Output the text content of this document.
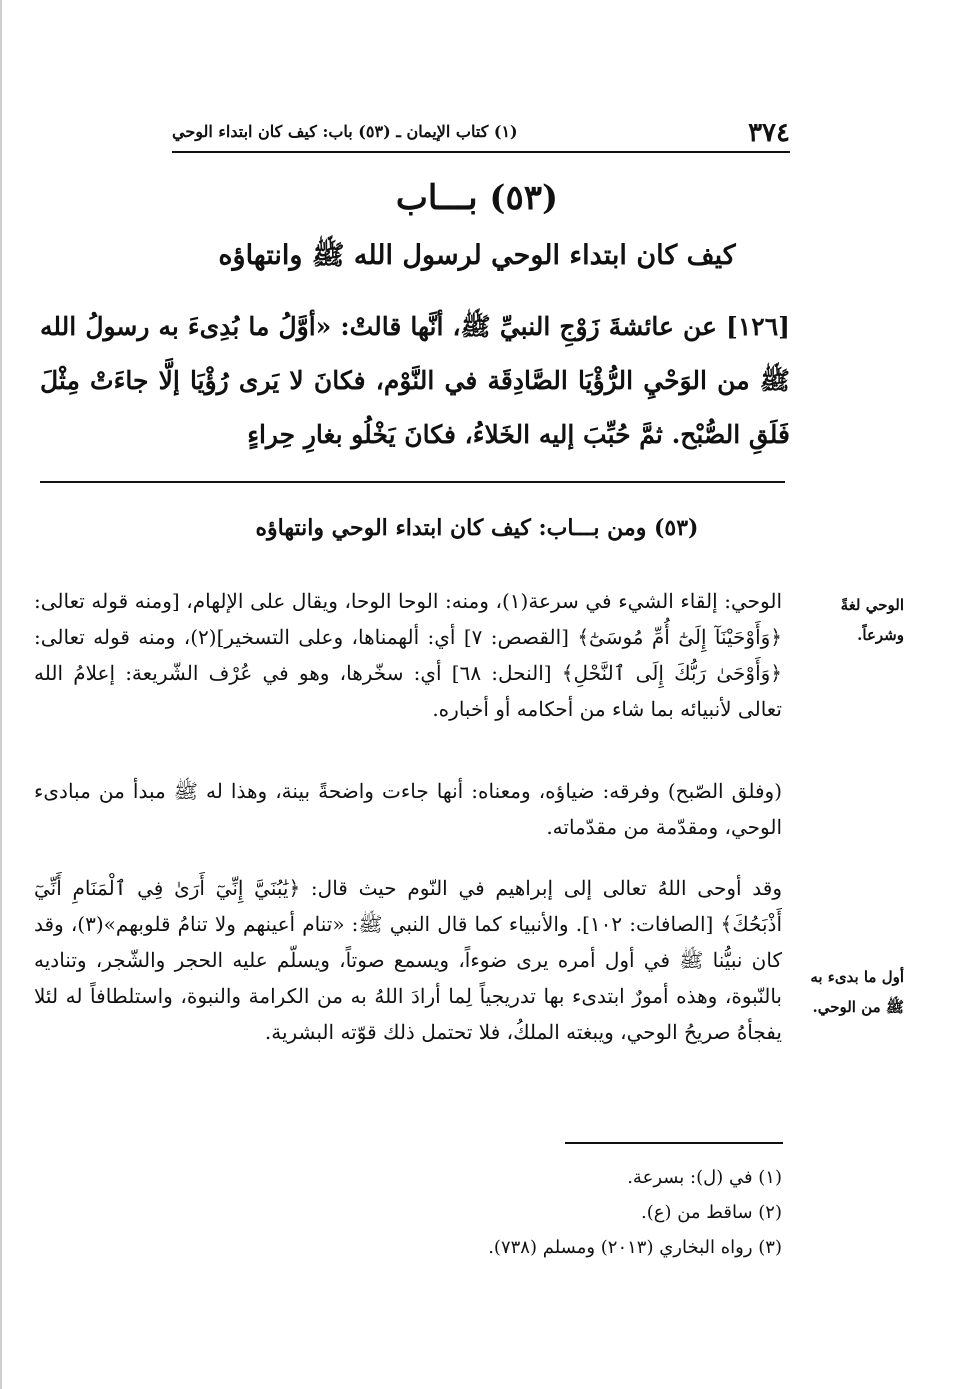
٣٧٤
(١) كتاب الإيمان ـ (٥٣) باب: كيف كان ابتداء الوحي
(٥٣) بـــاب
كيف كان ابتداء الوحي لرسول الله ﷺ وانتهاؤه
[١٢٦] عن عائشةَ زَوْجِ النبيِّ ﷺ، أنَّها قالتْ: «أوَّلُ ما بُدِىءَ به رسولُ الله ﷺ من الوَحْيِ الرُّؤْيَا الصَّادِقَة في النَّوْم، فكانَ لا يَرى رُؤْيَا إلَّا جاءَتْ مِثْلَ فَلَقِ الصُّبْح. ثمَّ حُبِّبَ إليه الخَلاءُ، فكانَ يَخْلُو بغارِ حِراءٍ
(٥٣) ومن بـــاب: كيف كان ابتداء الوحي وانتهاؤه
الوحي: إلقاء الشيء في سرعة(١)، ومنه: الوحا الوحا، ويقال على الإلهام، [ومنه قوله تعالى: ﴿وَأَوْحَيْنَآ إِلَىٰٓ أُمِّ مُوسَىٰٓ﴾ [القصص: ٧] أي: ألهمناها، وعلى التسخير](٢)، ومنه قوله تعالى: ﴿وَأَوْحَىٰ رَبُّكَ إِلَى ٱلنَّحْلِ﴾ [النحل: ٦٨] أي: سخّرها، وهو في عُرْف الشّريعة: إعلامُ الله تعالى لأنبيائه بما شاء من أحكامه أو أخباره.
(وفلق الصّبح) وفرقه: ضياؤه، ومعناه: أنها جاءت واضحةً بينة، وهذا له ﷺ مبدأ من مبادىء الوحي، ومقدّمة من مقدّماته.
وقد أوحى اللهُ تعالى إلى إبراهيم في النّوم حيث قال: ﴿يَٰبُنَيَّ إِنِّيٓ أَرَىٰ فِي ٱلْمَنَامِ أَنِّيٓ أَذْبَحُكَ﴾ [الصافات: ١٠٢]. والأنبياء كما قال النبي ﷺ: «تنام أعينهم ولا تنامُ قلوبهم»(٣)، وقد كان نبيُّنا ﷺ في أول أمره يرى ضوءاً، ويسمع صوتاً، ويسلّم عليه الحجر والشّجر، وتناديه بالنّبوة، وهذه أمورٌ ابتدىء بها تدريجياً لِما أرادَ اللهُ به من الكرامة والنبوة، واستلطافاً له لئلا يفجأهُ صريحُ الوحي، ويبغته الملكُ، فلا تحتمل ذلك قوّته البشرية.
الوحي لغةً وشرعاً.
أول ما بدىء به ﷺ من الوحي.
(١) في (ل): بسرعة.
(٢) ساقط من (ع).
(٣) رواه البخاري (٢٠١٣) ومسلم (٧٣٨).
